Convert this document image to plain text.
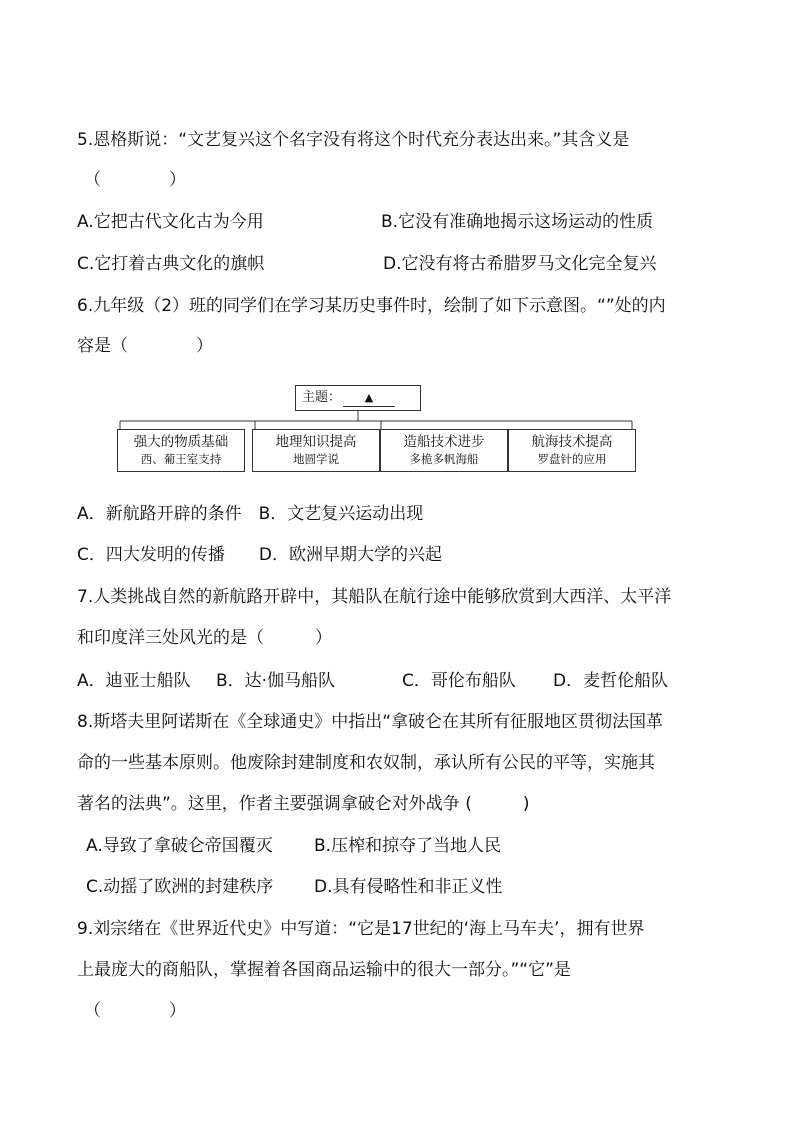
5.恩格斯说：“文艺复兴这个名字没有将这个时代充分表达出来。”其含义是
（　　　　）
A.它把古代文化古为今用	B.它没有准确地揭示这场运动的性质
C.它打着古典文化的旗帜	D.它没有将古希腊罗马文化完全复兴
6.九年级（2）班的同学们在学习某历史事件时，绘制了如下示意图。“”处的内
容是（　　　　）
主题： ▲
强大的物质基础
西、葡王室支持
地理知识提高
地圆学说
造船技术进步
多桅多帆海船
航海技术提高
罗盘针的应用
A．新航路开辟的条件　B．文艺复兴运动出现
C．四大发明的传播　　D．欧洲早期大学的兴起
7.人类挑战自然的新航路开辟中，其船队在航行途中能够欣赏到大西洋、太平洋
和印度洋三处风光的是（　　　）
A．迪亚士船队 B．达·伽马船队	C．哥伦布船队 D．麦哲伦船队
8.斯塔夫里阿诺斯在《全球通史》中指出“拿破仑在其所有征服地区贯彻法国革
命的一些基本原则。他废除封建制度和农奴制，承认所有公民的平等，实施其
著名的法典”。这里，作者主要强调拿破仑对外战争 (　　　)
A.导致了拿破仑帝国覆灭 B.压榨和掠夺了当地人民
C.动摇了欧洲的封建秩序 D.具有侵略性和非正义性
9.刘宗绪在《世界近代史》中写道：“它是17世纪的‘海上马车夫’，拥有世界
上最庞大的商船队，掌握着各国商品运输中的很大一部分。”“它”是
（　　　　）
